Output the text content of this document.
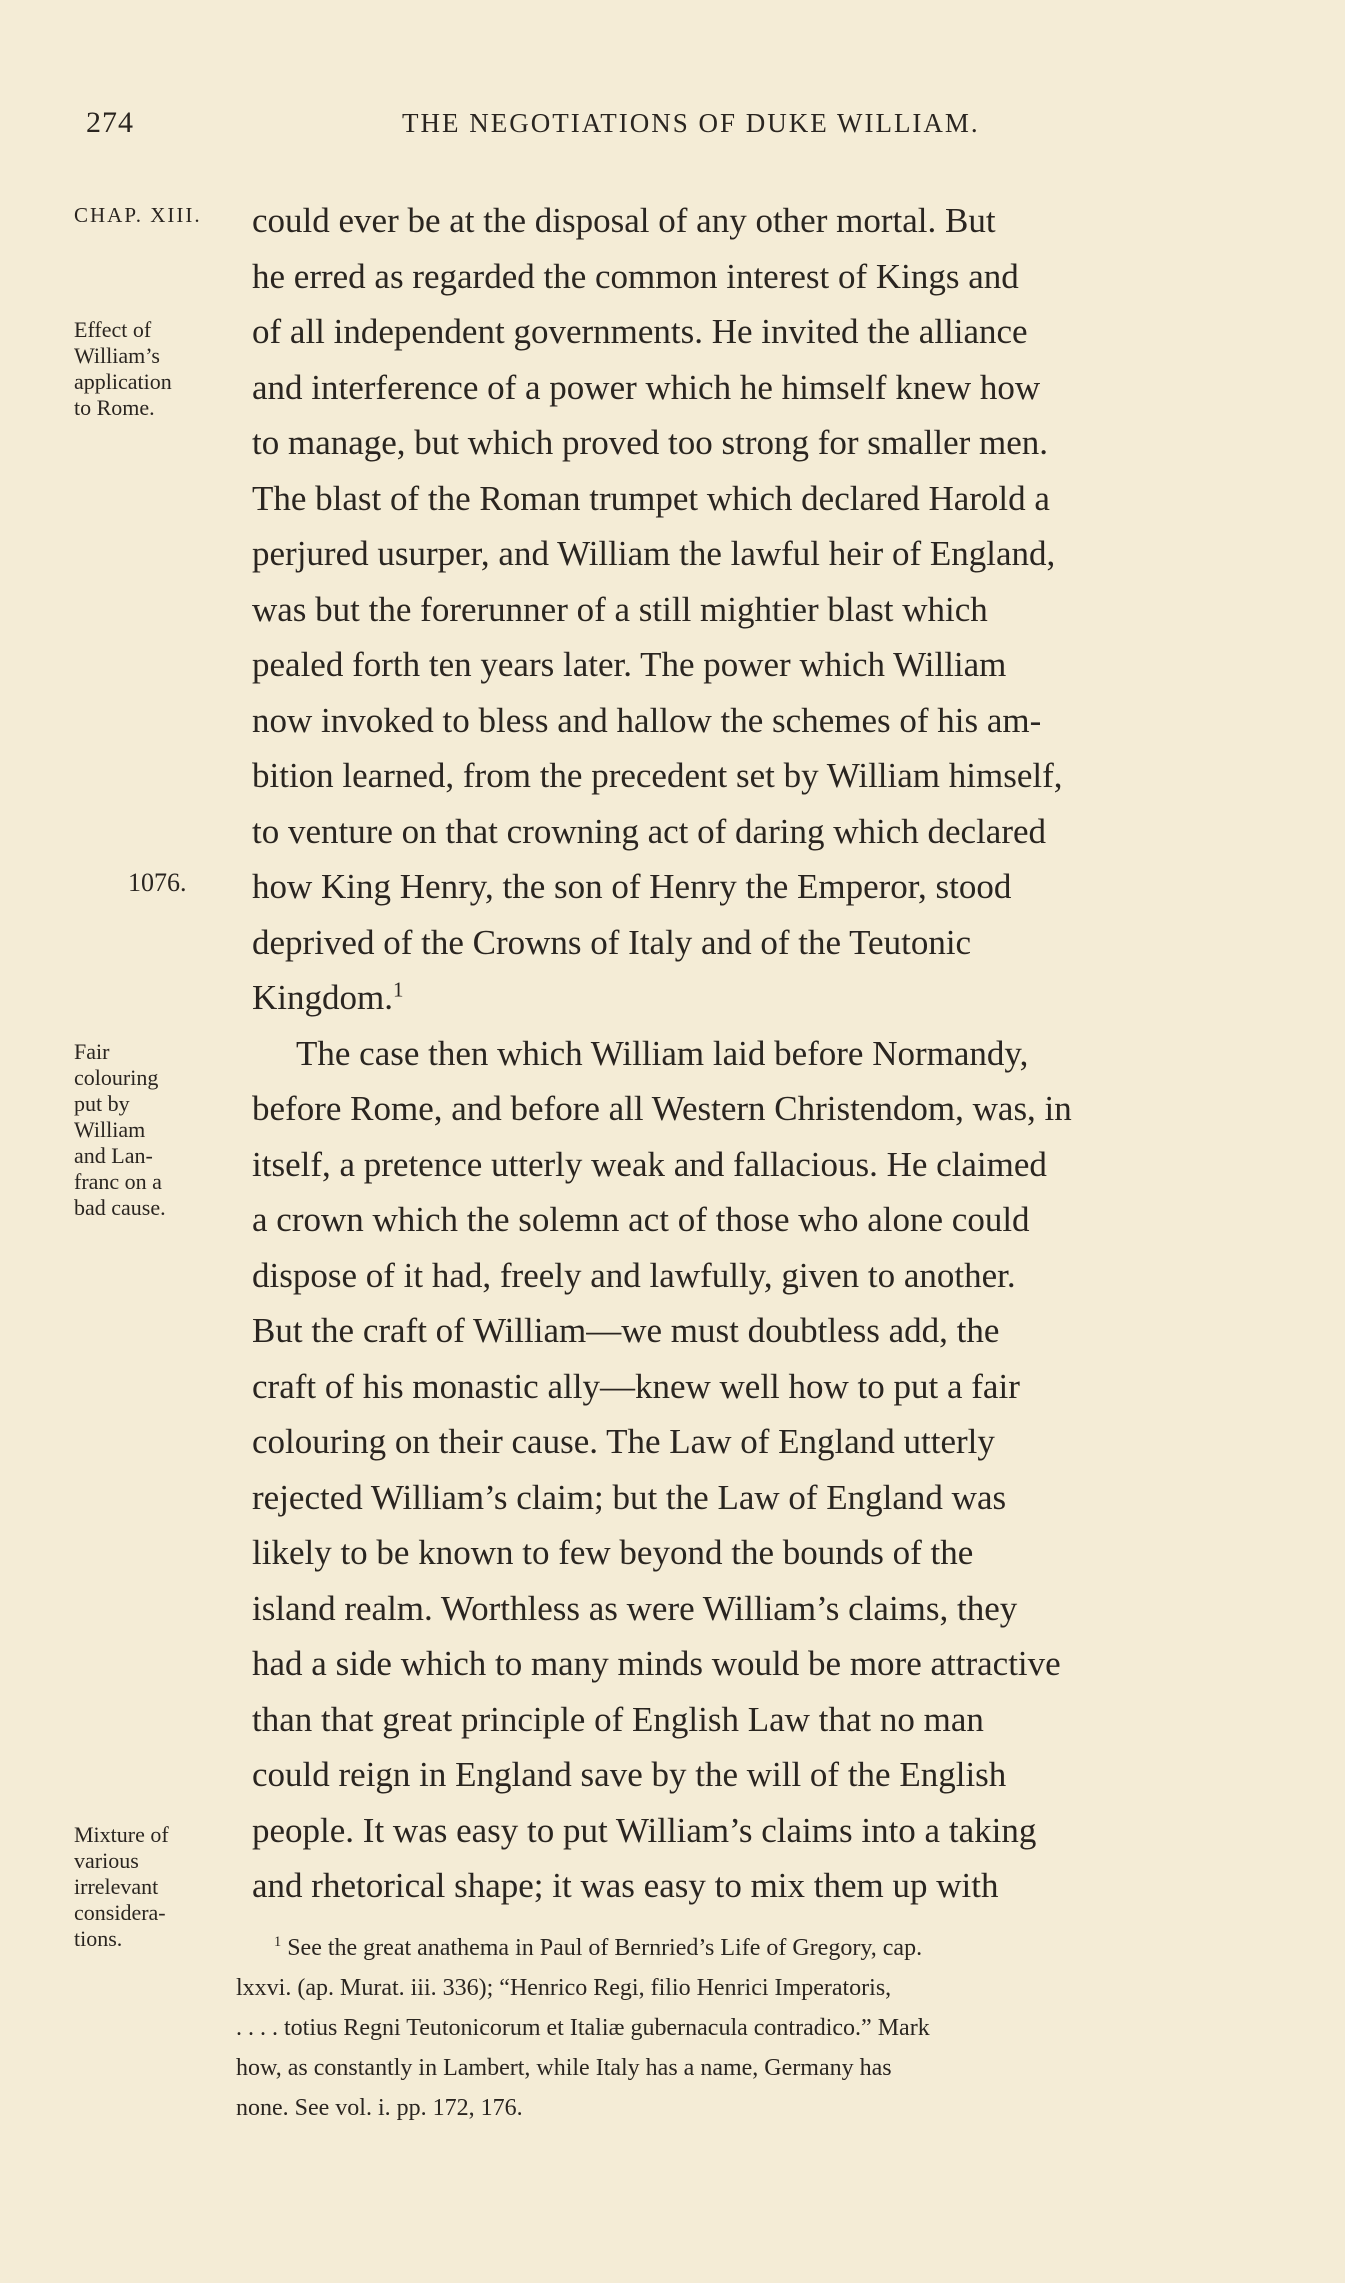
274	THE NEGOTIATIONS OF DUKE WILLIAM.
CHAP. XIII.
Effect of
William’s
application
to Rome.
1076.
Fair
colouring
put by
William
and Lan-
franc on a
bad cause.
Mixture of
various
irrelevant
considera-
tions.
could ever be at the disposal of any other mortal. But
he erred as regarded the common interest of Kings and
of all independent governments. He invited the alliance
and interference of a power which he himself knew how
to manage, but which proved too strong for smaller men.
The blast of the Roman trumpet which declared Harold a
perjured usurper, and William the lawful heir of England,
was but the forerunner of a still mightier blast which
pealed forth ten years later. The power which William
now invoked to bless and hallow the schemes of his am-
bition learned, from the precedent set by William himself,
to venture on that crowning act of daring which declared
how King Henry, the son of Henry the Emperor, stood
deprived of the Crowns of Italy and of the Teutonic
Kingdom.$^1$
The case then which William laid before Normandy,
before Rome, and before all Western Christendom, was, in
itself, a pretence utterly weak and fallacious. He claimed
a crown which the solemn act of those who alone could
dispose of it had, freely and lawfully, given to another.
But the craft of William—we must doubtless add, the
craft of his monastic ally—knew well how to put a fair
colouring on their cause. The Law of England utterly
rejected William’s claim; but the Law of England was
likely to be known to few beyond the bounds of the
island realm. Worthless as were William’s claims, they
had a side which to many minds would be more attractive
than that great principle of English Law that no man
could reign in England save by the will of the English
people. It was easy to put William’s claims into a taking
and rhetorical shape; it was easy to mix them up with
$^1$ See the great anathema in Paul of Bernried’s Life of Gregory, cap.
lxxvi. (ap. Murat. iii. 336); “Henrico Regi, filio Henrici Imperatoris,
. . . . totius Regni Teutonicorum et Italiæ gubernacula contradico.” Mark
how, as constantly in Lambert, while Italy has a name, Germany has
none. See vol. i. pp. 172, 176.
